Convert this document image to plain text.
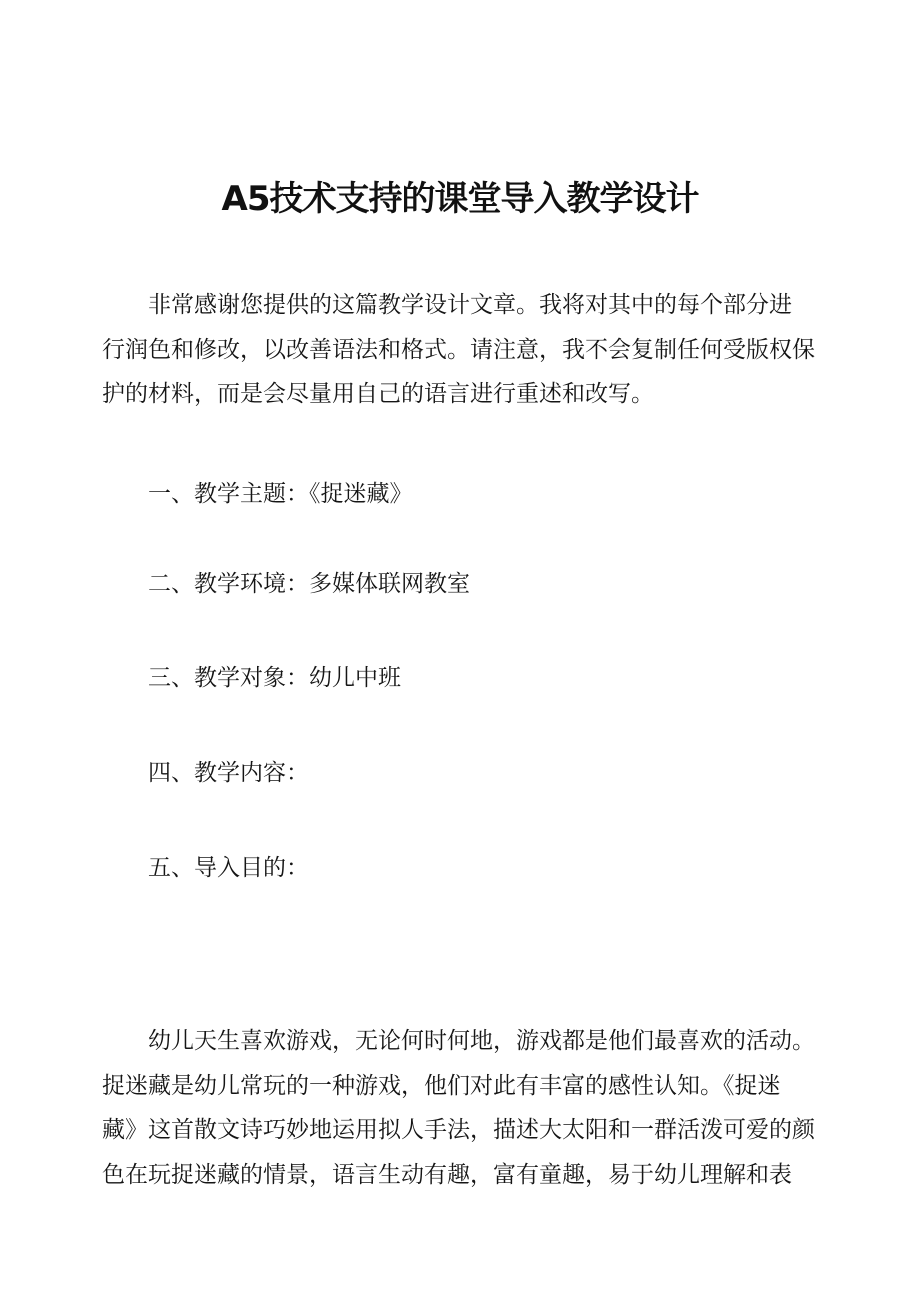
A5技术支持的课堂导入教学设计
非常感谢您提供的这篇教学设计文章。我将对其中的每个部分进
行润色和修改，以改善语法和格式。请注意，我不会复制任何受版权保
护的材料，而是会尽量用自己的语言进行重述和改写。
一、教学主题：《捉迷藏》
二、教学环境：多媒体联网教室
三、教学对象：幼儿中班
四、教学内容：
五、导入目的：
幼儿天生喜欢游戏，无论何时何地，游戏都是他们最喜欢的活动。
捉迷藏是幼儿常玩的一种游戏，他们对此有丰富的感性认知。《捉迷
藏》这首散文诗巧妙地运用拟人手法，描述大太阳和一群活泼可爱的颜
色在玩捉迷藏的情景，语言生动有趣，富有童趣，易于幼儿理解和表
